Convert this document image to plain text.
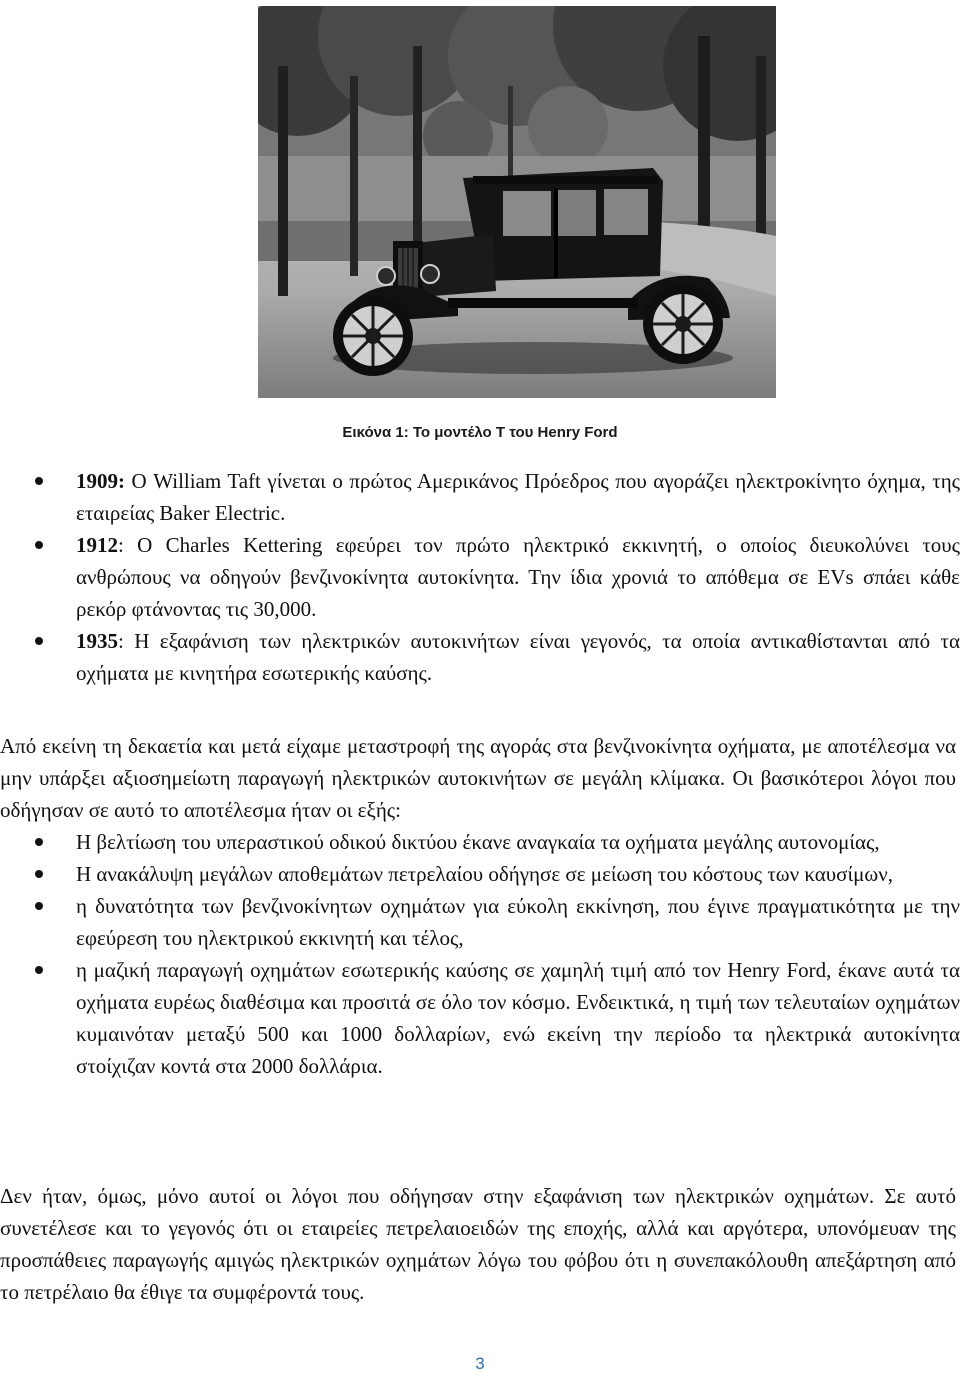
Εικόνα 1: Το μοντέλο Τ του Henry Ford
1909: Ο William Taft γίνεται ο πρώτος Αμερικάνος Πρόεδρος που αγοράζει ηλεκτροκίνητο όχημα, της εταιρείας Baker Electric.
1912: Ο Charles Kettering εφεύρει τον πρώτο ηλεκτρικό εκκινητή, ο οποίος διευκολύνει τους ανθρώπους να οδηγούν βενζινοκίνητα αυτοκίνητα. Την ίδια χρονιά το απόθεμα σε EVs σπάει κάθε ρεκόρ φτάνοντας τις 30,000.
1935: Η εξαφάνιση των ηλεκτρικών αυτοκινήτων είναι γεγονός, τα οποία αντικαθίστανται από τα οχήματα με κινητήρα εσωτερικής καύσης.

Από εκείνη τη δεκαετία και μετά είχαμε μεταστροφή της αγοράς στα βενζινοκίνητα οχήματα, με αποτέλεσμα να μην υπάρξει αξιοσημείωτη παραγωγή ηλεκτρικών αυτοκινήτων σε μεγάλη κλίμακα. Οι βασικότεροι λόγοι που οδήγησαν σε αυτό το αποτέλεσμα ήταν οι εξής:

Η βελτίωση του υπεραστικού οδικού δικτύου έκανε αναγκαία τα οχήματα μεγάλης αυτονομίας,
Η ανακάλυψη μεγάλων αποθεμάτων πετρελαίου οδήγησε σε μείωση του κόστους των καυσίμων,
η δυνατότητα των βενζινοκίνητων οχημάτων για εύκολη εκκίνηση, που έγινε πραγματικότητα με την εφεύρεση του ηλεκτρικού εκκινητή και τέλος,
η μαζική παραγωγή οχημάτων εσωτερικής καύσης σε χαμηλή τιμή από τον Henry Ford, έκανε αυτά τα οχήματα ευρέως διαθέσιμα και προσιτά σε όλο τον κόσμο. Ενδεικτικά, η τιμή των τελευταίων οχημάτων κυμαινόταν μεταξύ 500 και 1000 δολλαρίων, ενώ εκείνη την περίοδο τα ηλεκτρικά αυτοκίνητα στοίχιζαν κοντά στα 2000 δολλάρια.

Δεν ήταν, όμως, μόνο αυτοί οι λόγοι που οδήγησαν στην εξαφάνιση των ηλεκτρικών οχημάτων. Σε αυτό συνετέλεσε και το γεγονός ότι οι εταιρείες πετρελαιοειδών της εποχής, αλλά και αργότερα, υπονόμευαν της προσπάθειες παραγωγής αμιγώς ηλεκτρικών οχημάτων λόγω του φόβου ότι η συνεπακόλουθη απεξάρτηση από το πετρέλαιο θα έθιγε τα συμφέροντά τους.

3
